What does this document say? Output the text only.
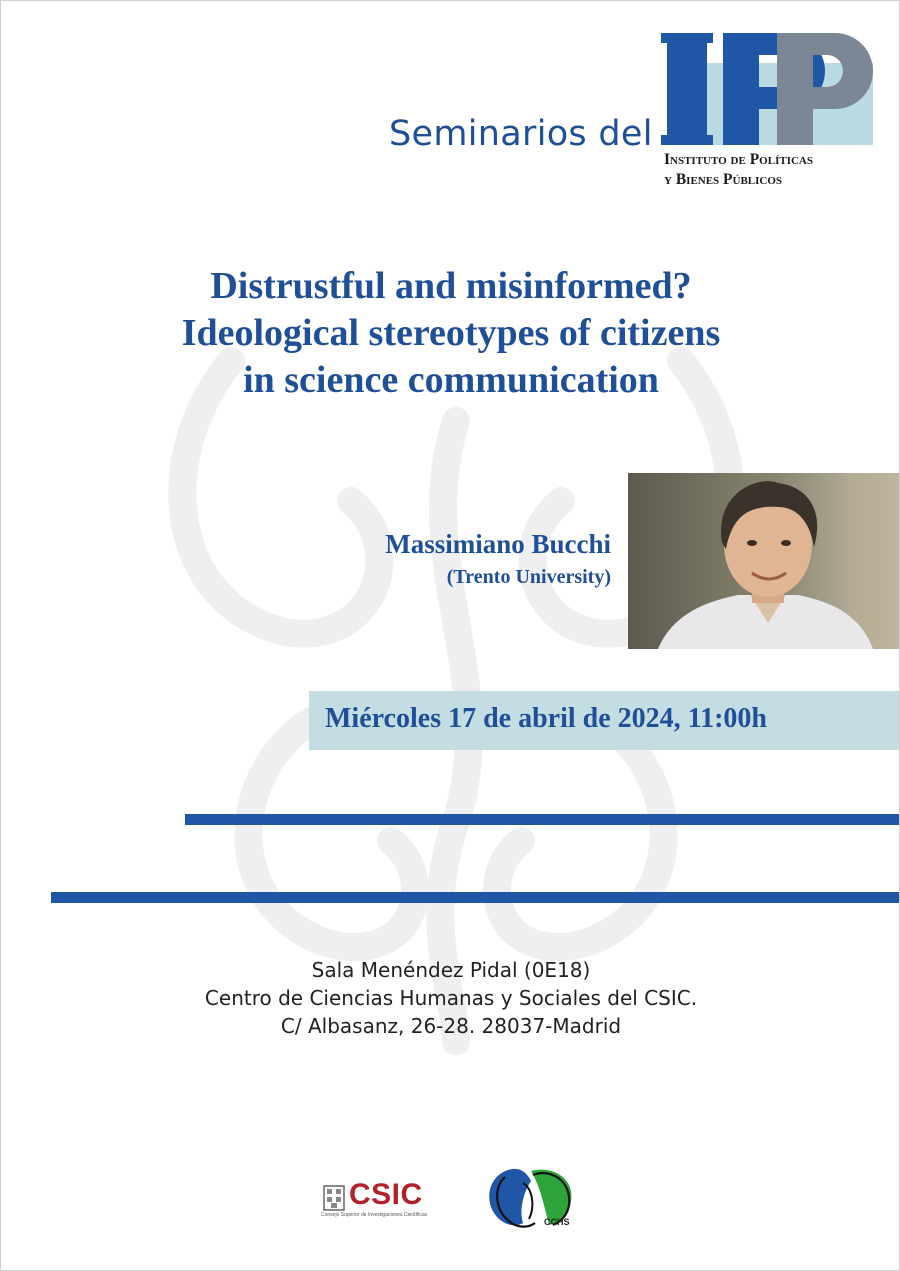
Seminarios del
Instituto de Políticas
y Bienes Públicos
Distrustful and misinformed?
Ideological stereotypes of citizens
in science communication
Massimiano Bucchi
(Trento University)
Miércoles 17 de abril de 2024, 11:00h
Sala Menéndez Pidal (0E18)
Centro de Ciencias Humanas y Sociales del CSIC.
C/ Albasanz, 26-28. 28037-Madrid
CSIC
Consejo Superior de Investigaciones Científicas
CCHS
